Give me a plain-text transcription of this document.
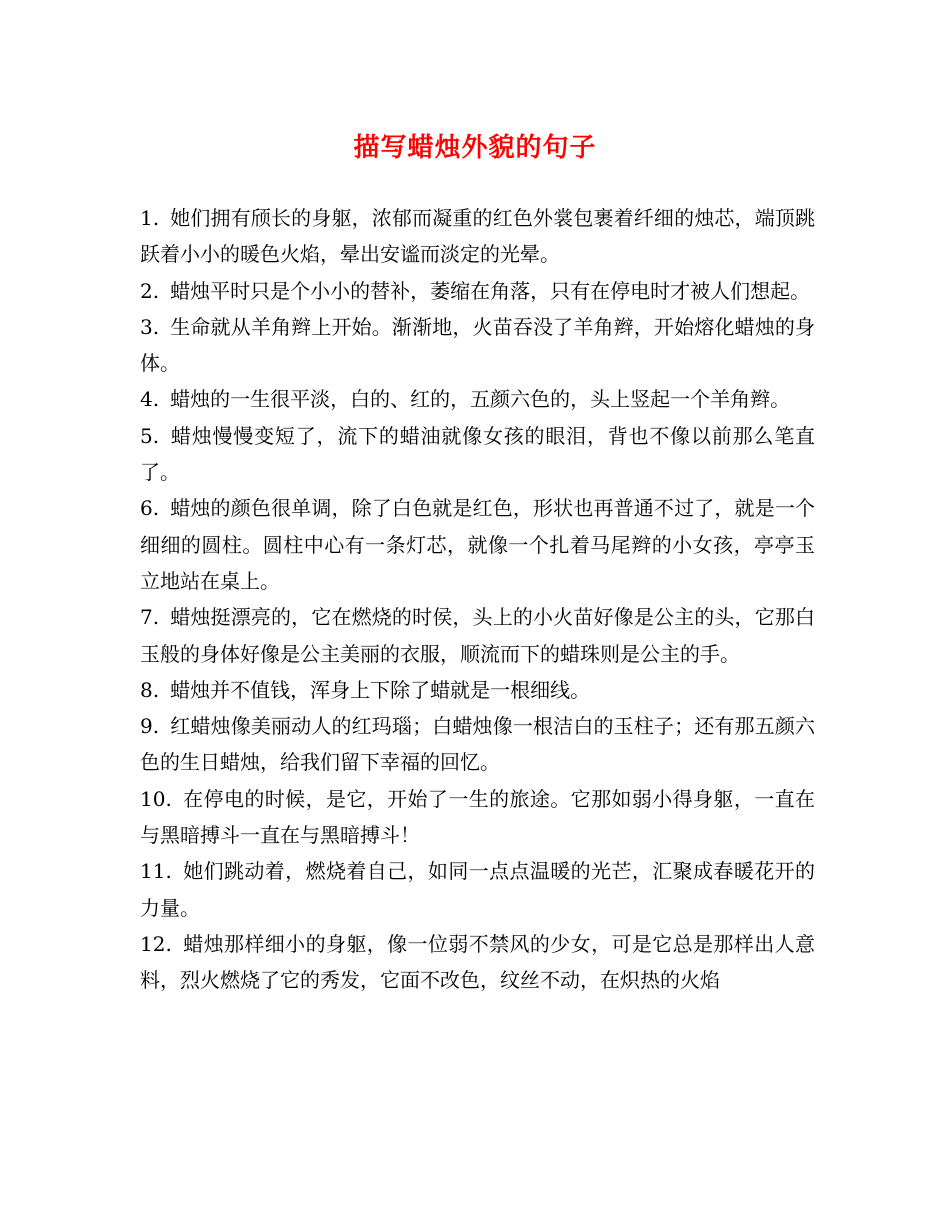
描写蜡烛外貌的句子

1. 她们拥有颀长的身躯，浓郁而凝重的红色外裳包裹着纤细的烛芯，端顶跳跃着小小的暖色火焰，晕出安谧而淡定的光晕。

2. 蜡烛平时只是个小小的替补，萎缩在角落，只有在停电时才被人们想起。

3. 生命就从羊角辫上开始。渐渐地，火苗吞没了羊角辫，开始熔化蜡烛的身体。

4. 蜡烛的一生很平淡，白的、红的，五颜六色的，头上竖起一个羊角辫。

5. 蜡烛慢慢变短了，流下的蜡油就像女孩的眼泪，背也不像以前那么笔直了。

6. 蜡烛的颜色很单调，除了白色就是红色，形状也再普通不过了，就是一个细细的圆柱。圆柱中心有一条灯芯，就像一个扎着马尾辫的小女孩，亭亭玉立地站在桌上。

7. 蜡烛挺漂亮的，它在燃烧的时侯，头上的小火苗好像是公主的头，它那白玉般的身体好像是公主美丽的衣服，顺流而下的蜡珠则是公主的手。

8. 蜡烛并不值钱，浑身上下除了蜡就是一根细线。

9. 红蜡烛像美丽动人的红玛瑙；白蜡烛像一根洁白的玉柱子；还有那五颜六色的生日蜡烛，给我们留下幸福的回忆。

10. 在停电的时候，是它，开始了一生的旅途。它那如弱小得身躯，一直在与黑暗搏斗一直在与黑暗搏斗！

11. 她们跳动着，燃烧着自己，如同一点点温暖的光芒，汇聚成春暖花开的力量。

12. 蜡烛那样细小的身躯，像一位弱不禁风的少女，可是它总是那样出人意料，烈火燃烧了它的秀发，它面不改色，纹丝不动，在炽热的火焰
